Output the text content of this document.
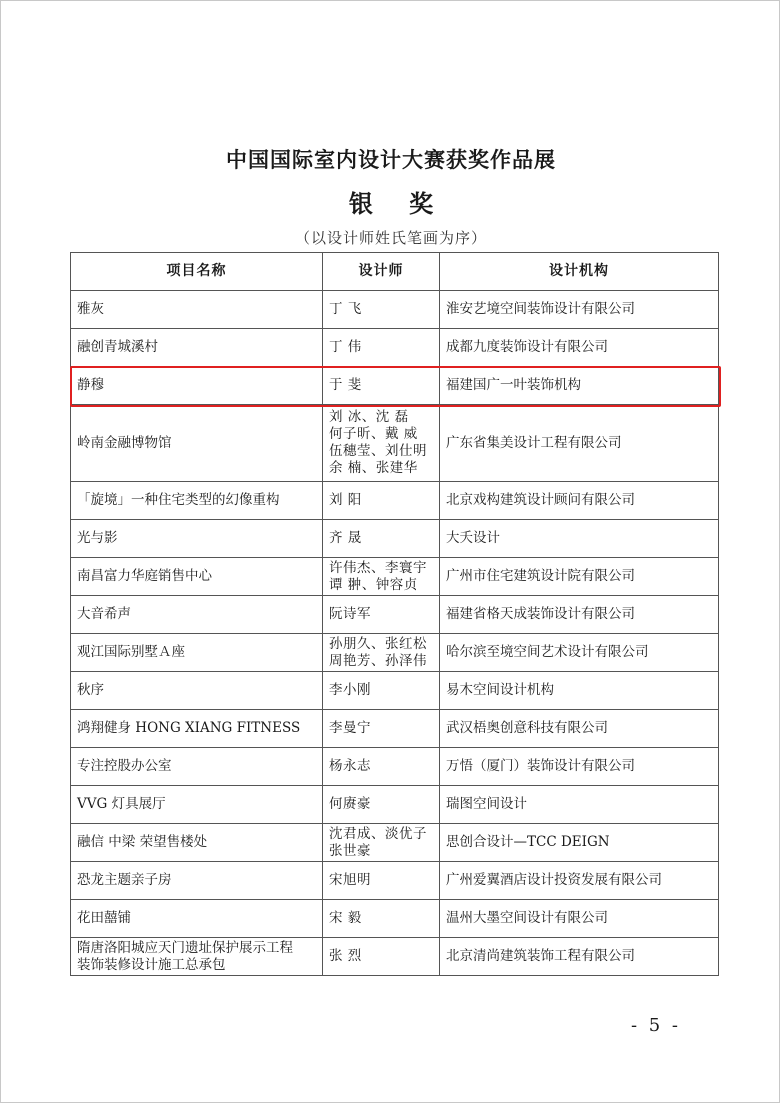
中国国际室内设计大赛获奖作品展
银 奖
（以设计师姓氏笔画为序）
项目名称	设计师	设计机构

雅灰	丁 飞	淮安艺境空间装饰设计有限公司

融创青城溪村	丁 伟	成都九度装饰设计有限公司

静穆	于 斐	福建国广一叶装饰机构

岭南金融博物馆	刘 冰、沈 磊
何子昕、戴 威
伍穗莹、刘仕明
余 楠、张建华	广东省集美设计工程有限公司

「旋境」一种住宅类型的幻像重构	刘 阳	北京戏构建筑设计顾问有限公司

光与影	齐 晟	大夭设计

南昌富力华庭销售中心	许伟杰、李寰宇
谭 翀、钟容贞	广州市住宅建筑设计院有限公司

大音希声	阮诗军	福建省格天成装饰设计有限公司

观江国际别墅Ａ座	孙朋久、张红松
周艳芳、孙泽伟	哈尔滨至境空间艺术设计有限公司

秋序	李小刚	易木空间设计机构

鸿翔健身 HONG XIANG FITNESS	李曼宁	武汉梧奥创意科技有限公司

专注控股办公室	杨永志	万悟（厦门）装饰设计有限公司

VVG 灯具展厅	何赓豪	瑞图空间设计

融信 中梁 荣望售楼处	沈君成、淡优子
张世豪	思创合设计—TCC DEIGN

恐龙主题亲子房	宋旭明	广州爱翼酒店设计投资发展有限公司

花田囍铺	宋 毅	温州大墨空间设计有限公司

隋唐洛阳城应天门遗址保护展示工程
装饰装修设计施工总承包	张 烈	北京清尚建筑装饰工程有限公司
- 5 -
